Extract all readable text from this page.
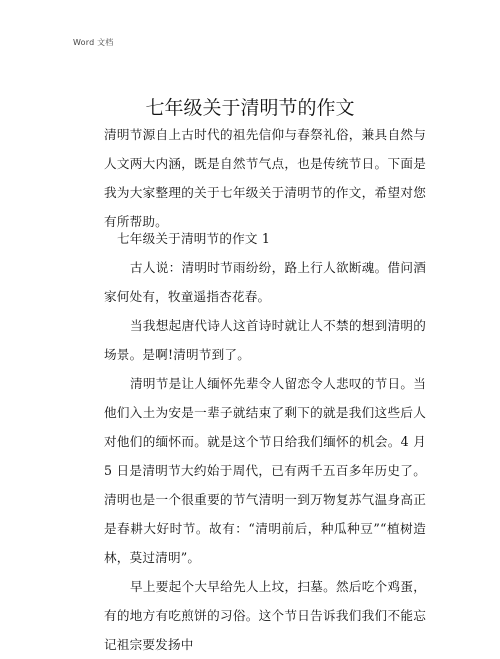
Word 文档
七年级关于清明节的作文

清明节源自上古时代的祖先信仰与春祭礼俗，兼具自然与人文两大内涵，既是自然节气点，也是传统节日。下面是我为大家整理的关于七年级关于清明节的作文，希望对您有所帮助。

七年级关于清明节的作文 1

古人说：清明时节雨纷纷，路上行人欲断魂。借问酒家何处有，牧童遥指杏花春。

当我想起唐代诗人这首诗时就让人不禁的想到清明的场景。是啊!清明节到了。

清明节是让人缅怀先辈令人留恋令人悲叹的节日。当他们入土为安是一辈子就结束了剩下的就是我们这些后人对他们的缅怀而。就是这个节日给我们缅怀的机会。4 月 5 日是清明节大约始于周代，已有两千五百多年历史了。清明也是一个很重要的节气清明一到万物复苏气温身高正是春耕大好时节。故有：“清明前后，种瓜种豆”“植树造林，莫过清明”。

早上要起个大早给先人上坟，扫墓。然后吃个鸡蛋，有的地方有吃煎饼的习俗。这个节日告诉我们我们不能忘记祖宗要发扬中
